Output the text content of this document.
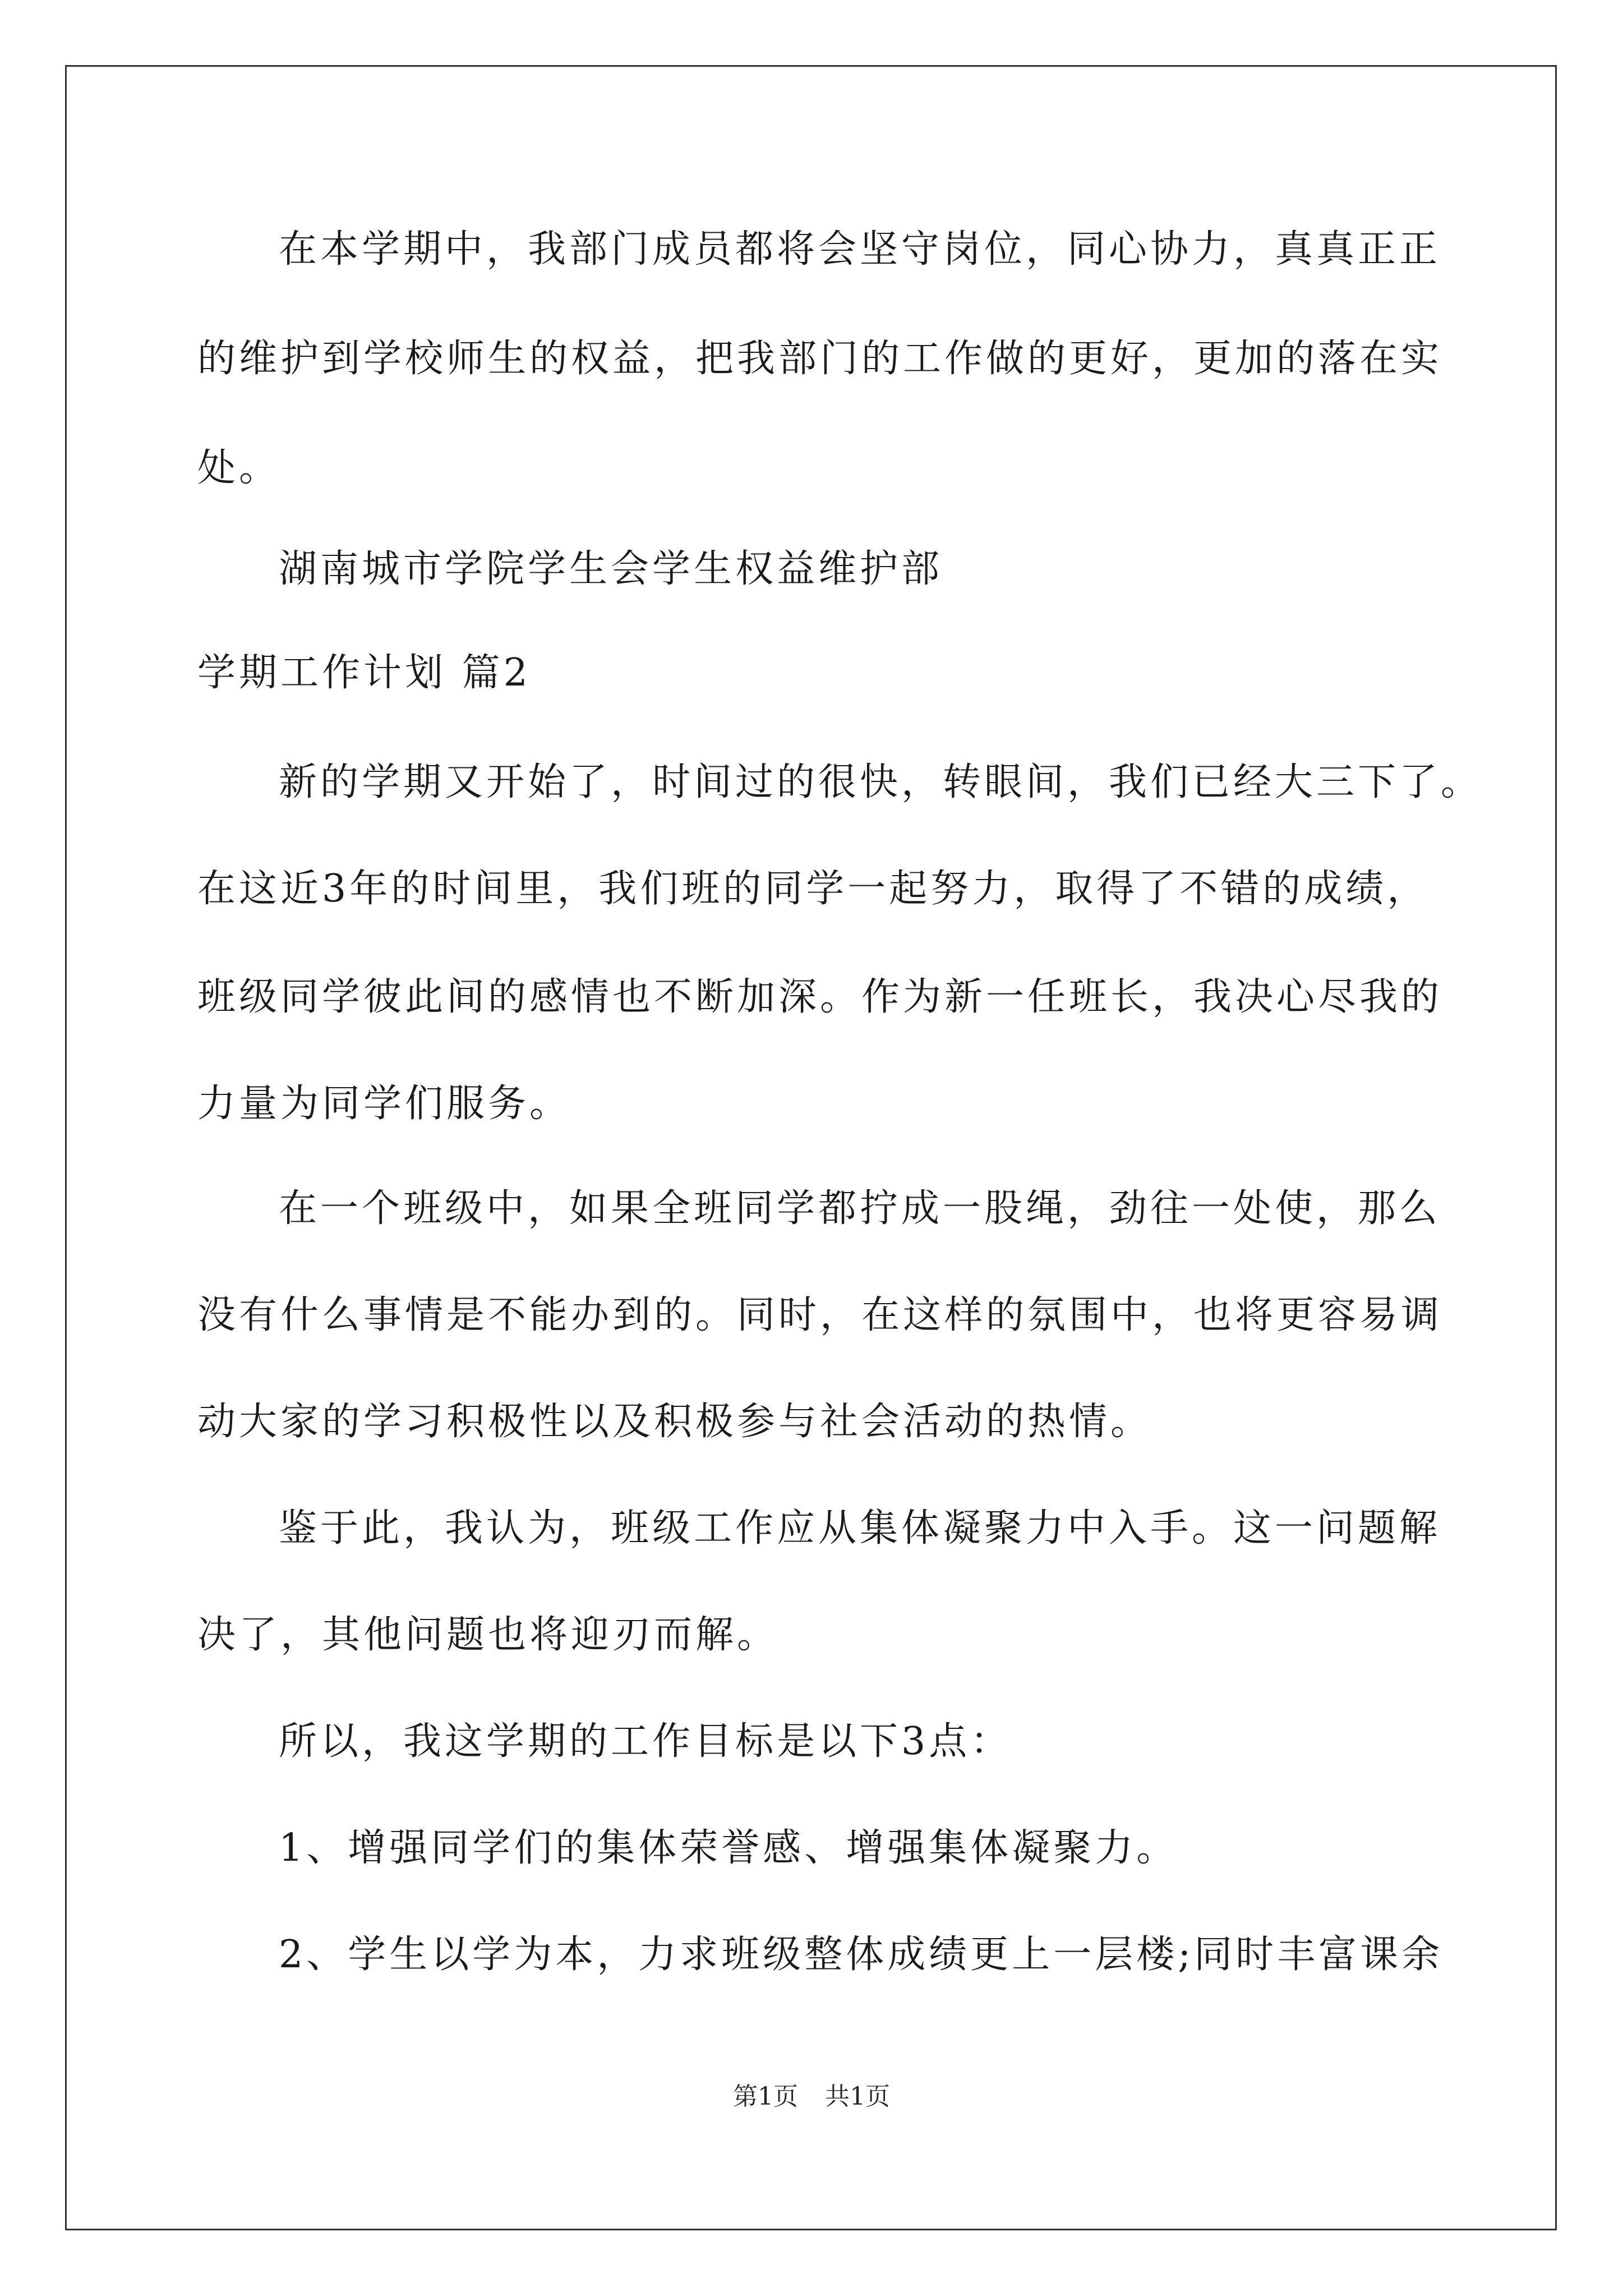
在本学期中，我部门成员都将会坚守岗位，同心协力，真真正正
的维护到学校师生的权益，把我部门的工作做的更好，更加的落在实
处。
湖南城市学院学生会学生权益维护部
学期工作计划 篇2
新的学期又开始了，时间过的很快，转眼间，我们已经大三下了。
在这近3年的时间里，我们班的同学一起努力，取得了不错的成绩，
班级同学彼此间的感情也不断加深。作为新一任班长，我决心尽我的
力量为同学们服务。
在一个班级中，如果全班同学都拧成一股绳，劲往一处使，那么
没有什么事情是不能办到的。同时，在这样的氛围中，也将更容易调
动大家的学习积极性以及积极参与社会活动的热情。
鉴于此，我认为，班级工作应从集体凝聚力中入手。这一问题解
决了，其他问题也将迎刃而解。
所以，我这学期的工作目标是以下3点：
1、增强同学们的集体荣誉感、增强集体凝聚力。
2、学生以学为本，力求班级整体成绩更上一层楼;同时丰富课余
第1页 共1页
